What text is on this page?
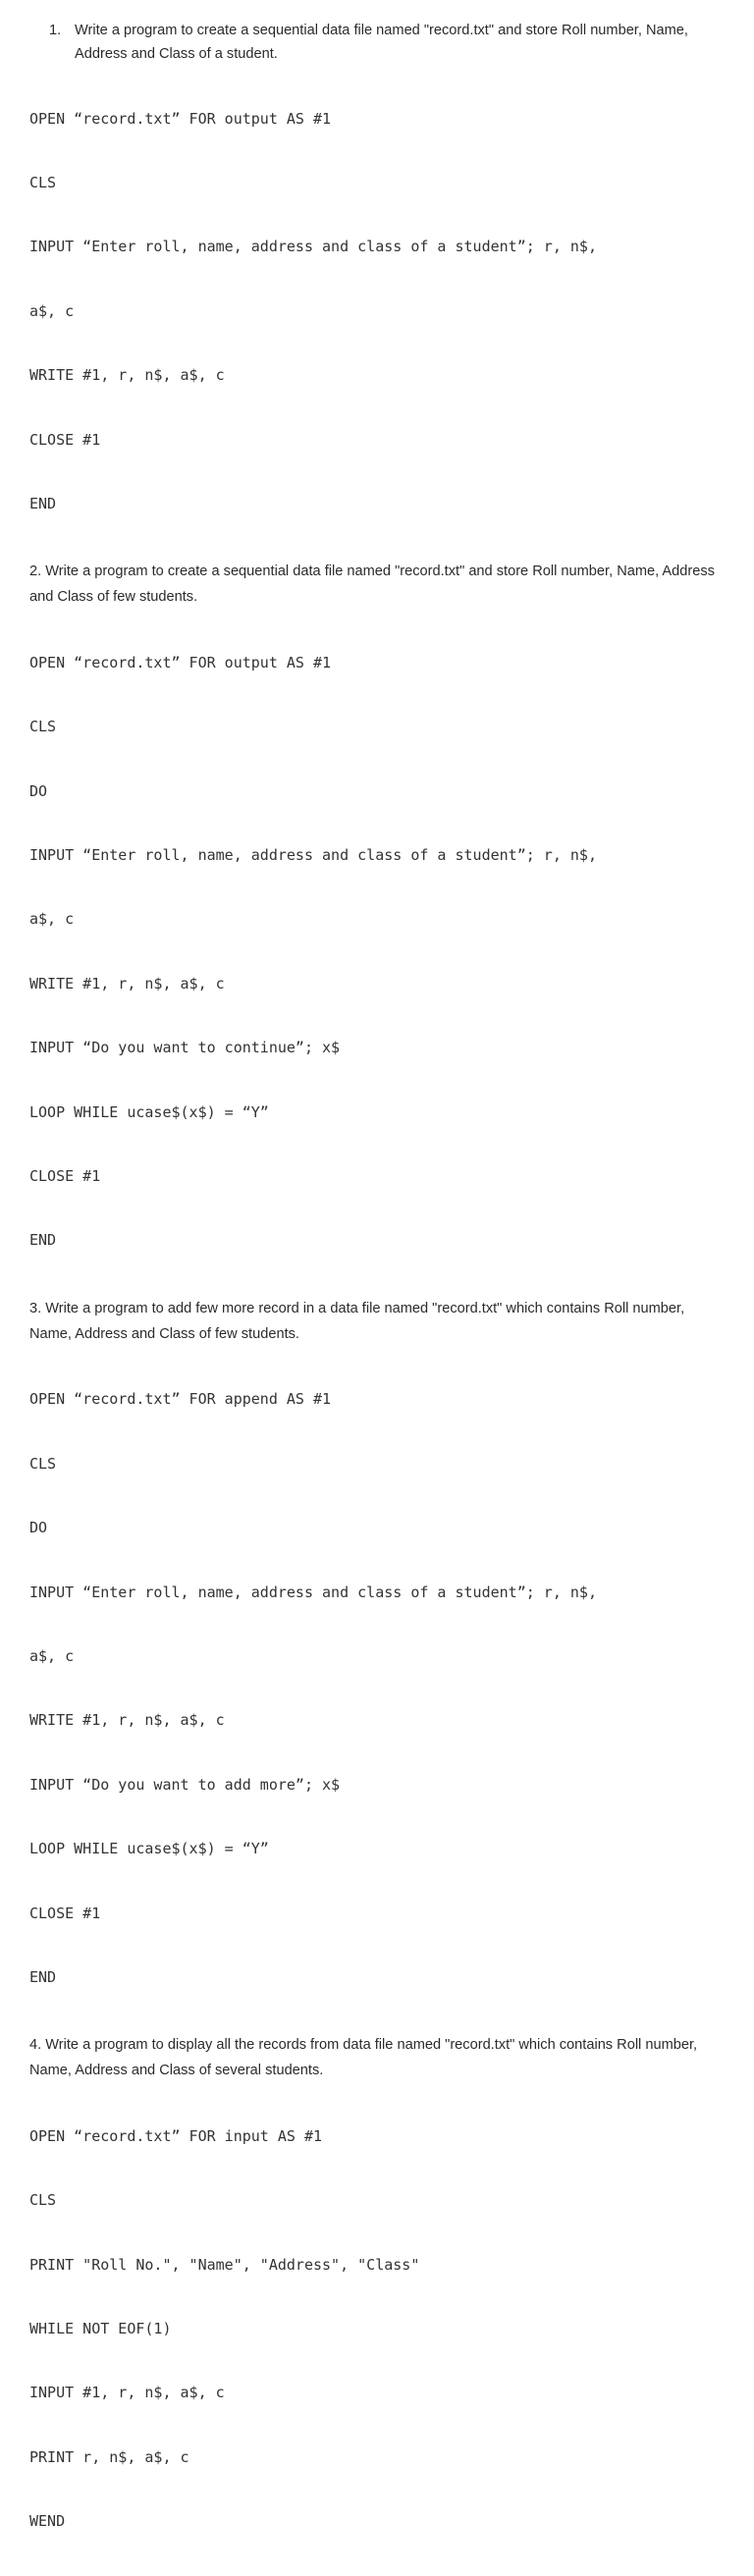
1. Write a program to create a sequential data file named "record.txt" and store Roll number, Name, Address and Class of a student.

OPEN “record.txt” FOR output AS #1

CLS

INPUT “Enter roll, name, address and class of a student”; r, n$,

a$, c

WRITE #1, r, n$, a$, c

CLOSE #1

END

2. Write a program to create a sequential data file named "record.txt" and store Roll number, Name, Address and Class of few students.

OPEN “record.txt” FOR output AS #1

CLS

DO

INPUT “Enter roll, name, address and class of a student”; r, n$,

a$, c

WRITE #1, r, n$, a$, c

INPUT “Do you want to continue”; x$

LOOP WHILE ucase$(x$) = “Y”

CLOSE #1

END

3. Write a program to add few more record in a data file named "record.txt" which contains Roll number, Name, Address and Class of few students.

OPEN “record.txt” FOR append AS #1

CLS

DO

INPUT “Enter roll, name, address and class of a student”; r, n$,

a$, c

WRITE #1, r, n$, a$, c

INPUT “Do you want to add more”; x$

LOOP WHILE ucase$(x$) = “Y”

CLOSE #1

END

4. Write a program to display all the records from data file named "record.txt" which contains Roll number, Name, Address and Class of several students.

OPEN “record.txt” FOR input AS #1

CLS

PRINT "Roll No.", "Name", "Address", "Class"

WHILE NOT EOF(1)

INPUT #1, r, n$, a$, c

PRINT r, n$, a$, c

WEND
